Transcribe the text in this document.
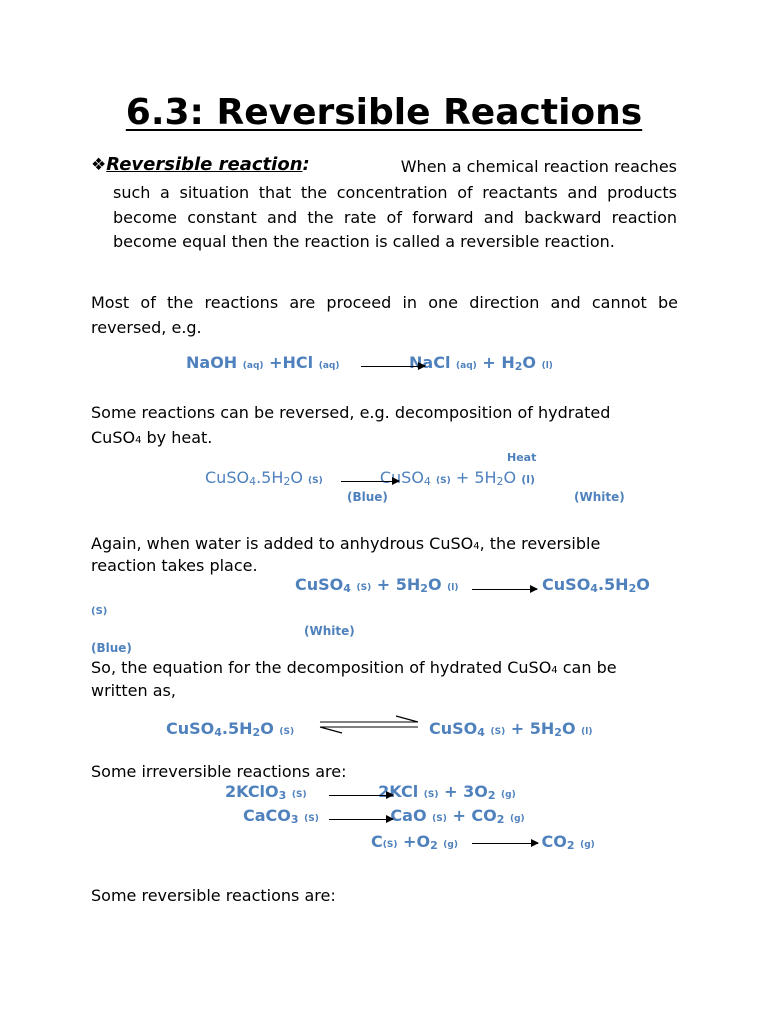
6.3: Reversible Reactions
❖Reversible reaction:	When a chemical reaction reaches
such a situation that the concentration of reactants and products become constant and the rate of forward and backward reaction become equal then the reaction is called a reversible reaction.
Most of the reactions are proceed in one direction and cannot be reversed, e.g.
NaOH (aq) +HCl (aq)	NaCl (aq) + H2O (l)
Some reactions can be reversed, e.g. decomposition of hydrated
CuSO4 by heat.
Heat
CuSO4.5H2O (S)	CuSO4 (S) + 5H2O (l)
(Blue)	(White)
Again, when water is added to anhydrous CuSO4, the reversible
reaction takes place.
CuSO4 (S) + 5H2O (l)	CuSO4.5H2O
(S)
(White)
(Blue)
So, the equation for the decomposition of hydrated CuSO4 can be
written as,
CuSO4.5H2O (S)	CuSO4 (S) + 5H2O (l)
Some irreversible reactions are:
2KClO3 (S)	2KCl (S) + 3O2 (g)
CaCO3 (S)	CaO (S) + CO2 (g)
C(S) +O2 (g)	CO2 (g)
Some reversible reactions are:
